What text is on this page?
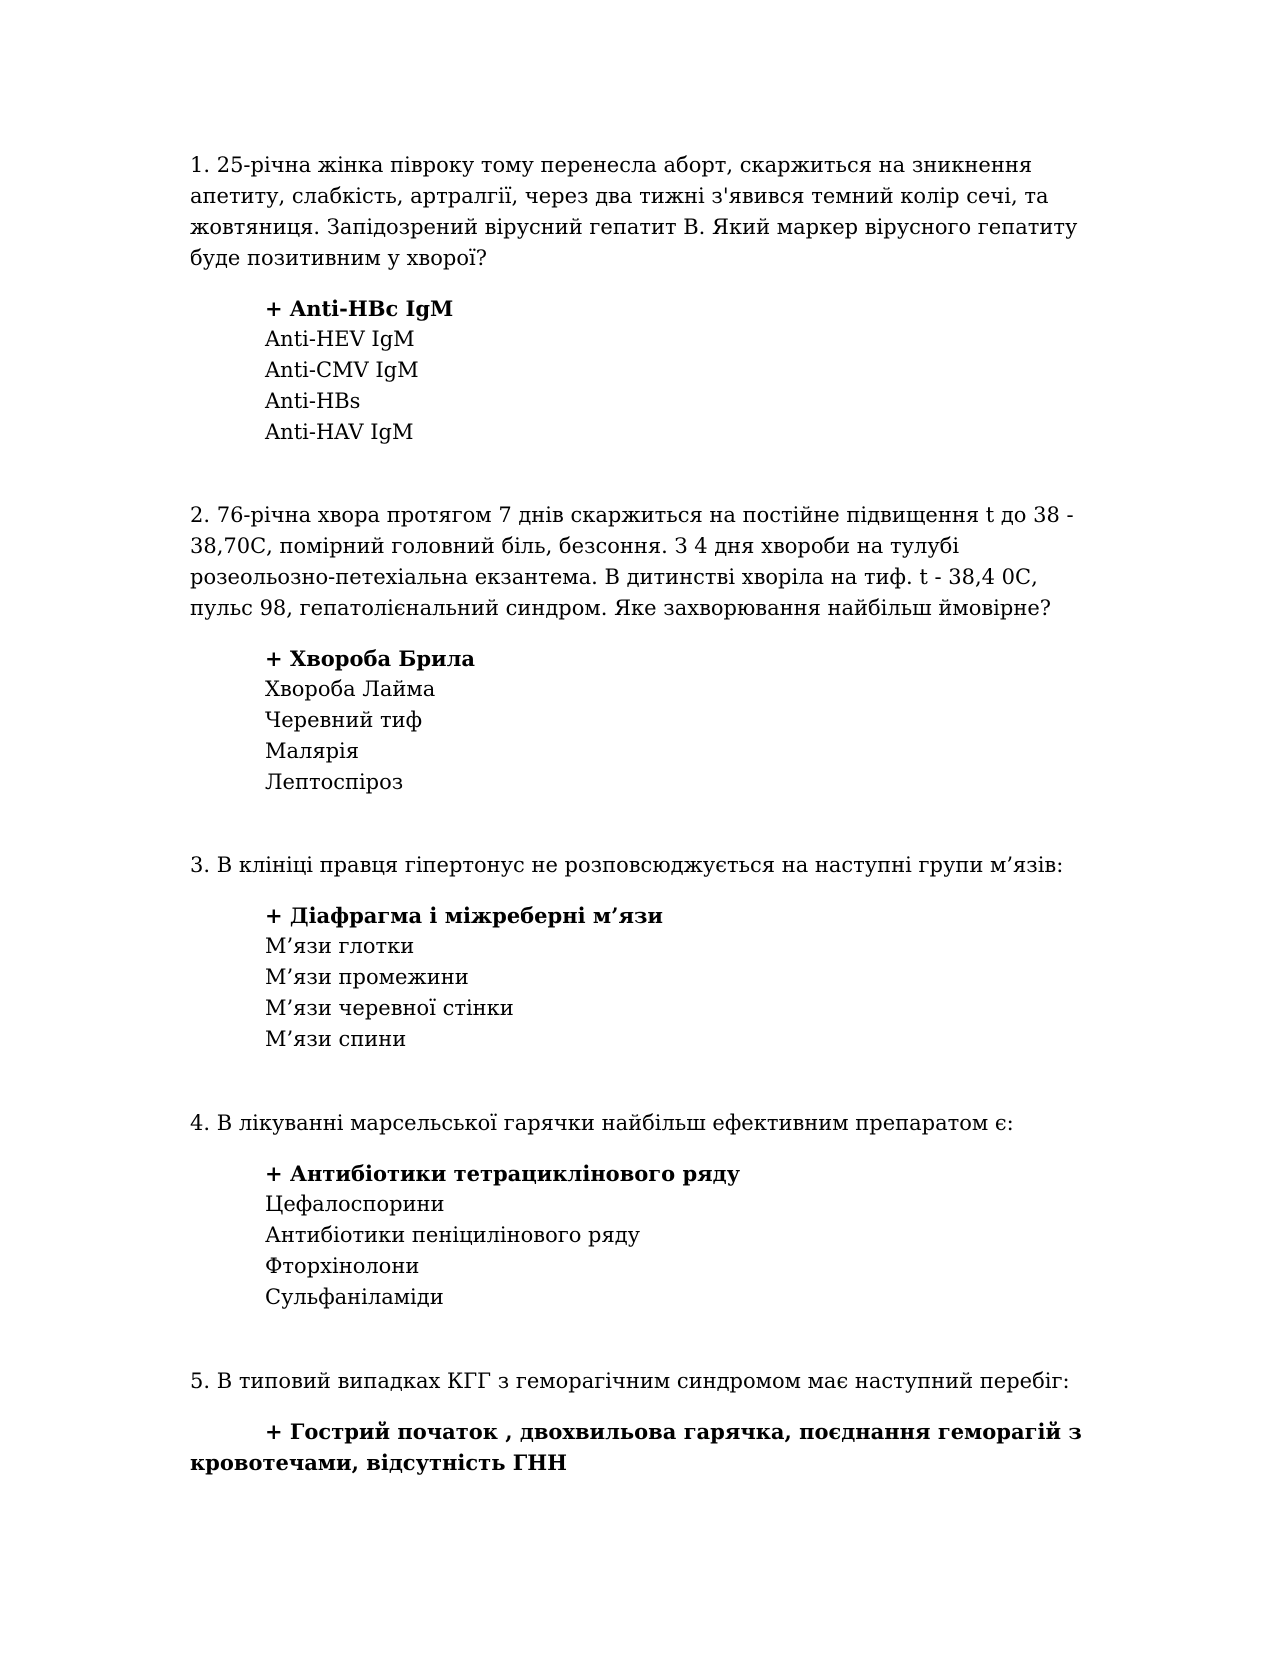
1. 25-річна жінка півроку тому перенесла аборт, скаржиться на зникнення апетиту, слабкість, артралгії, через два тижні з'явився темний колір сечі, та жовтяниця. Запідозрений вірусний гепатит В. Який маркер вірусного гепатиту буде позитивним у хворої?

+ Anti-HBc IgM
Anti-HEV IgM
Anti-CMV IgM
Anti-HBs
Anti-HAV IgM

2. 76-річна хвора протягом 7 днів скаржиться на постійне підвищення t до 38 - 38,70С, помірний головний біль, безсоння. З 4 дня хвороби на тулубі розеольозно-петехіальна екзантема. В дитинстві хворіла на тиф. t - 38,4 0С, пульс 98, гепатолієнальний синдром. Яке захворювання найбільш ймовірне?

+ Хвороба Брила
Хвороба Лайма
Черевний тиф
Малярія
Лептоспіроз

3. В клініці правця гіпертонус не розповсюджується на наступні групи м’язів:

+ Діафрагма і міжреберні м’язи
М’язи глотки
М’язи промежини
М’язи черевної стінки
М’язи спини

4. В лікуванні марсельської гарячки найбільш ефективним препаратом є:

+ Антибіотики тетрациклінового ряду
Цефалоспорини
Антибіотики пеніцилінового ряду
Фторхінолони
Сульфаніламіди

5. В типовий випадках КГГ з геморагічним синдромом має наступний перебіг:

+ Гострий початок , двохвильова гарячка, поєднання геморагій з кровотечами, відсутність ГНН
